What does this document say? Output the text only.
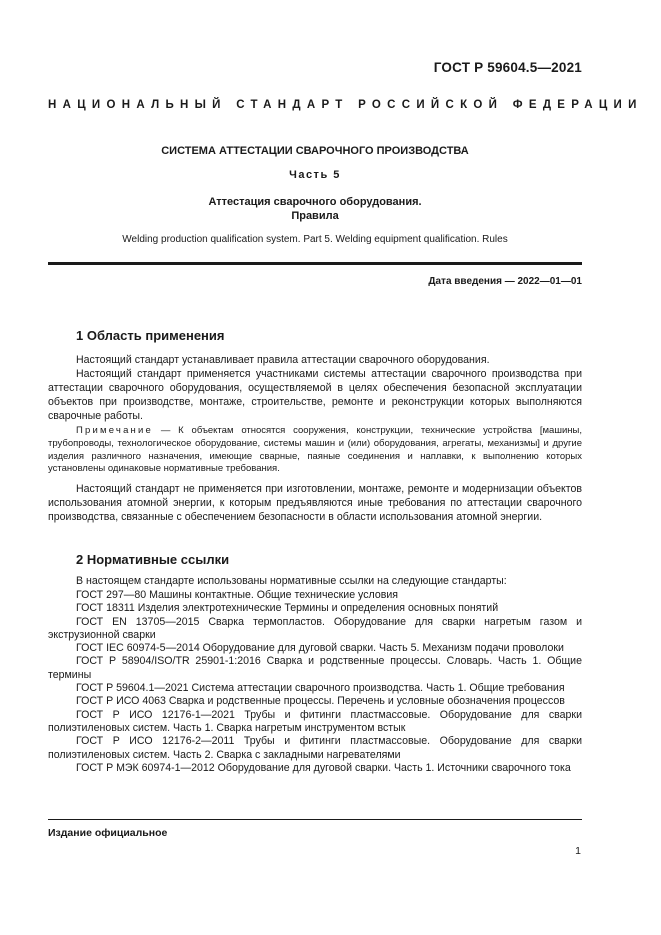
ГОСТ Р 59604.5—2021
НАЦИОНАЛЬНЫЙ СТАНДАРТ РОССИЙСКОЙ ФЕДЕРАЦИИ
СИСТЕМА АТТЕСТАЦИИ СВАРОЧНОГО ПРОИЗВОДСТВА
Часть 5
Аттестация сварочного оборудования.
Правила
Welding production qualification system. Part 5. Welding equipment qualification. Rules
Дата введения — 2022—01—01
1 Область применения

Настоящий стандарт устанавливает правила аттестации сварочного оборудования.

Настоящий стандарт применяется участниками системы аттестации сварочного производства при аттестации сварочного оборудования, осуществляемой в целях обеспечения безопасной эксплуатации объектов при производстве, монтаже, строительстве, ремонте и реконструкции которых выполняются сварочные работы.

Примечание — К объектам относятся сооружения, конструкции, технические устройства [машины, трубопроводы, технологическое оборудование, системы машин и (или) оборудования, агрегаты, механизмы] и другие изделия различного назначения, имеющие сварные, паяные соединения и наплавки, к выполнению которых установлены одинаковые нормативные требования.

Настоящий стандарт не применяется при изготовлении, монтаже, ремонте и модернизации объектов использования атомной энергии, к которым предъявляются иные требования по аттестации сварочного производства, связанные с обеспечением безопасности в области использования атомной энергии.

2 Нормативные ссылки
В настоящем стандарте использованы нормативные ссылки на следующие стандарты:
ГОСТ 297—80 Машины контактные. Общие технические условия
ГОСТ 18311 Изделия электротехнические Термины и определения основных понятий
ГОСТ EN 13705—2015 Сварка термопластов. Оборудование для сварки нагретым газом и экструзионной сварки
ГОСТ IEC 60974-5—2014 Оборудование для дуговой сварки. Часть 5. Механизм подачи проволоки
ГОСТ Р 58904/ISO/TR 25901-1:2016 Сварка и родственные процессы. Словарь. Часть 1. Общие термины
ГОСТ Р 59604.1—2021 Система аттестации сварочного производства. Часть 1. Общие требования
ГОСТ Р ИСО 4063 Сварка и родственные процессы. Перечень и условные обозначения процессов
ГОСТ Р ИСО 12176-1—2021 Трубы и фитинги пластмассовые. Оборудование для сварки полиэтиленовых систем. Часть 1. Сварка нагретым инструментом встык
ГОСТ Р ИСО 12176-2—2011 Трубы и фитинги пластмассовые. Оборудование для сварки полиэтиленовых систем. Часть 2. Сварка с закладными нагревателями
ГОСТ Р МЭК 60974-1—2012 Оборудование для дуговой сварки. Часть 1. Источники сварочного тока
Издание официальное
1
